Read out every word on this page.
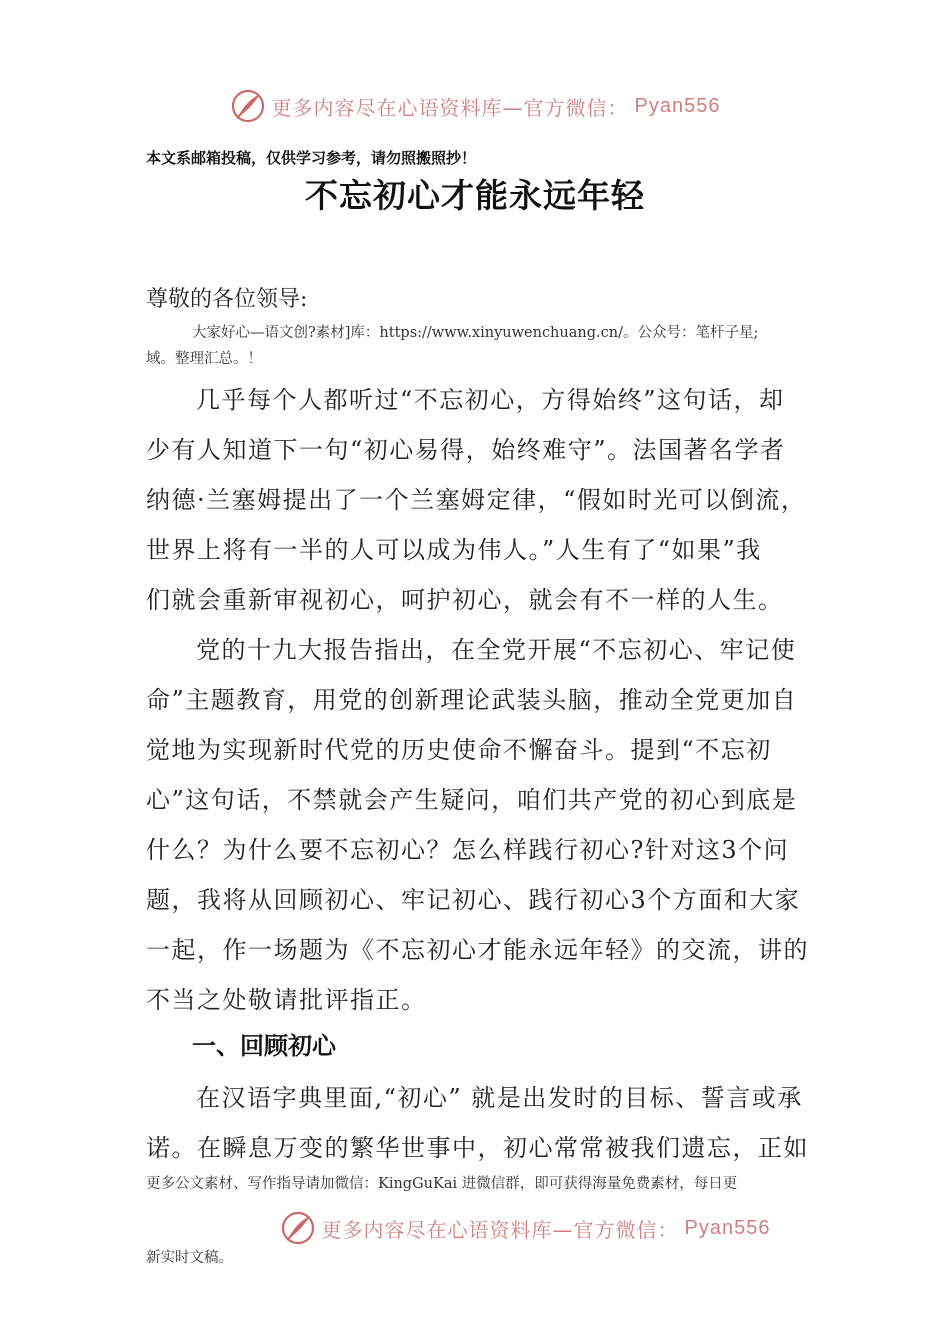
更多内容尽在心语资料库—官方微信： Pyan556
本文系邮箱投稿，仅供学习参考，请勿照搬照抄！
不忘初心才能永远年轻
尊敬的各位领导:
大家好心—语文创?素材]库：https://www.xinyuwenchuang.cn/。公众号：笔杆子星;
域。整理汇总。！
几乎每个人都听过“不忘初心，方得始终”这句话，却
少有人知道下一句“初心易得，始终难守”。法国著名学者
纳德·兰塞姆提出了一个兰塞姆定律，“假如时光可以倒流，
世界上将有一半的人可以成为伟人。”人生有了“如果”我
们就会重新审视初心，呵护初心，就会有不一样的人生。
党的十九大报告指出，在全党开展“不忘初心、牢记使
命”主题教育，用党的创新理论武装头脑，推动全党更加自
觉地为实现新时代党的历史使命不懈奋斗。提到“不忘初
心”这句话，不禁就会产生疑问，咱们共产党的初心到底是
什么？为什么要不忘初心？怎么样践行初心?针对这3个问
题，我将从回顾初心、牢记初心、践行初心3个方面和大家
一起，作一场题为《不忘初心才能永远年轻》的交流，讲的
不当之处敬请批评指正。
一、回顾初心
在汉语字典里面,“初心” 就是出发时的目标、誓言或承
诺。在瞬息万变的繁华世事中，初心常常被我们遗忘，正如
更多公文素材、写作指导请加微信：KingGuKai 进微信群，即可获得海量免费素材，每日更
更多内容尽在心语资料库—官方微信： Pyan556
新实时文稿。
